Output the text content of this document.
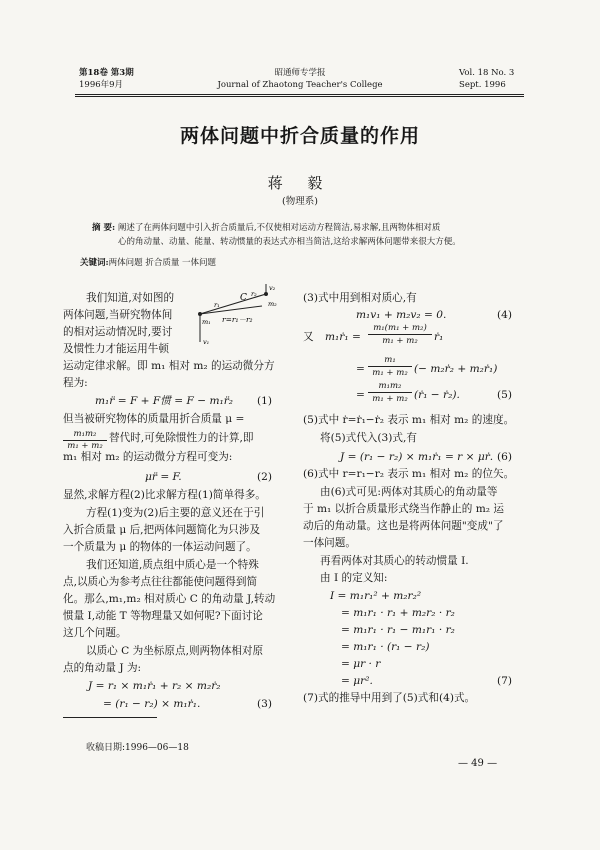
第18卷 第3期
1996年9月
昭通师专学报
Journal of Zhaotong Teacher's College
Vol. 18 No. 3
Sept. 1996
两体问题中折合质量的作用
蒋 毅
(物理系)
摘 要: 阐述了在两体问题中引入折合质量后,不仅使相对运动方程简洁,易求解,且两物体相对质
心的角动量、动量、能量、转动惯量的表达式亦相当简洁,这给求解两体问题带来很大方便。
关键词:两体问题 折合质量 一体问题
C r₂
r₁
m₁
m₂
v₂
v₁
r=r₁－r₂
我们知道,对如图的
两体问题,当研究物体间
的相对运动情况时,要讨
及惯性力才能运用牛顿
运动定律求解。即 m₁ 相对 m₂ 的运动微分方
程为:
m₁r̈ = F + F惯 = F − m₁r̈₂ (1)
但当被研究物体的质量用折合质量 μ =
$\frac{\text{m₁m₂}}{\text{m₁ + m₂}}$ 替代时,可免除惯性力的计算,即
m₁ 相对 m₂ 的运动微分方程可变为:
μr̈ = F.	(2)
显然,求解方程(2)比求解方程(1)简单得多。
方程(1)变为(2)后主要的意义还在于引
入折合质量 μ 后,把两体问题简化为只涉及
一个质量为 μ 的物体的一体运动问题了。
我们还知道,质点组中质心是一个特殊
点,以质心为参考点往往都能使问题得到简
化。那么,m₁,m₂ 相对质心 C 的角动量 J,转动
惯量 I,动能 T 等物理量又如何呢?下面讨论
这几个问题。
以质心 C 为坐标原点,则两物体相对原
点的角动量 J 为:
J = r₁ × m₁ṙ₁ + r₂ × m₂ṙ₂
= (r₁ − r₂) × m₁ṙ₁.	(3)
(3)式中用到相对质心,有
m₁v₁ + m₂v₂ = 0.	(4)
又 m₁ṙ₁ = $\frac{\text{m₁(m₁ + m₂)}}{\text{m₁ + m₂}}$ ṙ₁
= $\frac{\text{m₁}}{\text{m₁ + m₂}}$ (− m₂ṙ₂ + m₂ṙ₁)
= $\frac{\text{m₁m₂}}{\text{m₁ + m₂}}$ (ṙ₁ − ṙ₂).	(5)
(5)式中 ṙ=ṙ₁−ṙ₂ 表示 m₁ 相对 m₂ 的速度。
将(5)式代入(3)式,有
J = (r₁ − r₂) × m₁ṙ₁ = r × μṙ. (6)
(6)式中 r=r₁−r₂ 表示 m₁ 相对 m₂ 的位矢。
由(6)式可见:两体对其质心的角动量等
于 m₁ 以折合质量形式绕当作静止的 m₂ 运
动后的角动量。这也是将两体问题"变成"了
一体问题。
再看两体对其质心的转动惯量 I.
由 I 的定义知:
I = m₁r₁² + m₂r₂²
= m₁r₁ · r₁ + m₂r₂ · r₂
= m₁r₁ · r₁ − m₁r₁ · r₂
= m₁r₁ · (r₁ − r₂)
= μr · r
= μr².	(7)
(7)式的推导中用到了(5)式和(4)式。
收稿日期:1996—06—18
— 49 —
